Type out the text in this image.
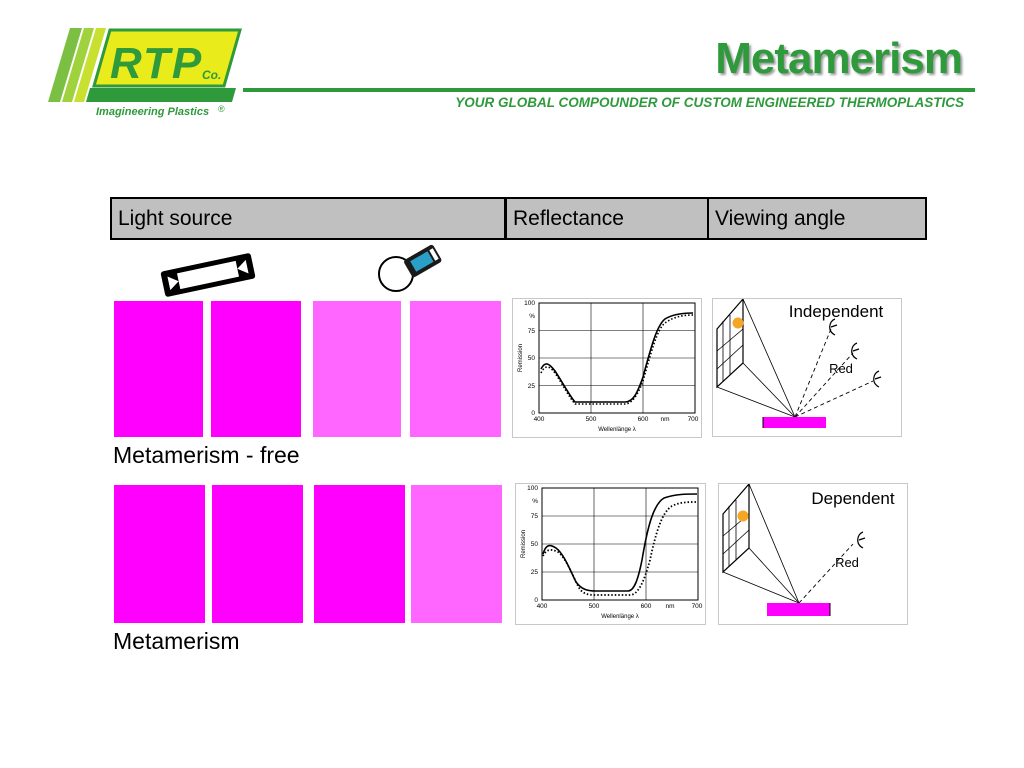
RTP
Co.
Imagineering Plastics ®
Metamerism
YOUR GLOBAL COMPOUNDER OF CUSTOM ENGINEERED THERMOPLASTICS
Light source	Reflectance	Viewing angle
Metamerism - free
Metamerism
100
%
75
50
25
0
Remission
400	500	600 nm	700
Wellenlänge λ
100
%
75
50
25
0
Remission
400	500	600 nm	700
Wellenlänge λ
Independent
Red
Dependent
Red
